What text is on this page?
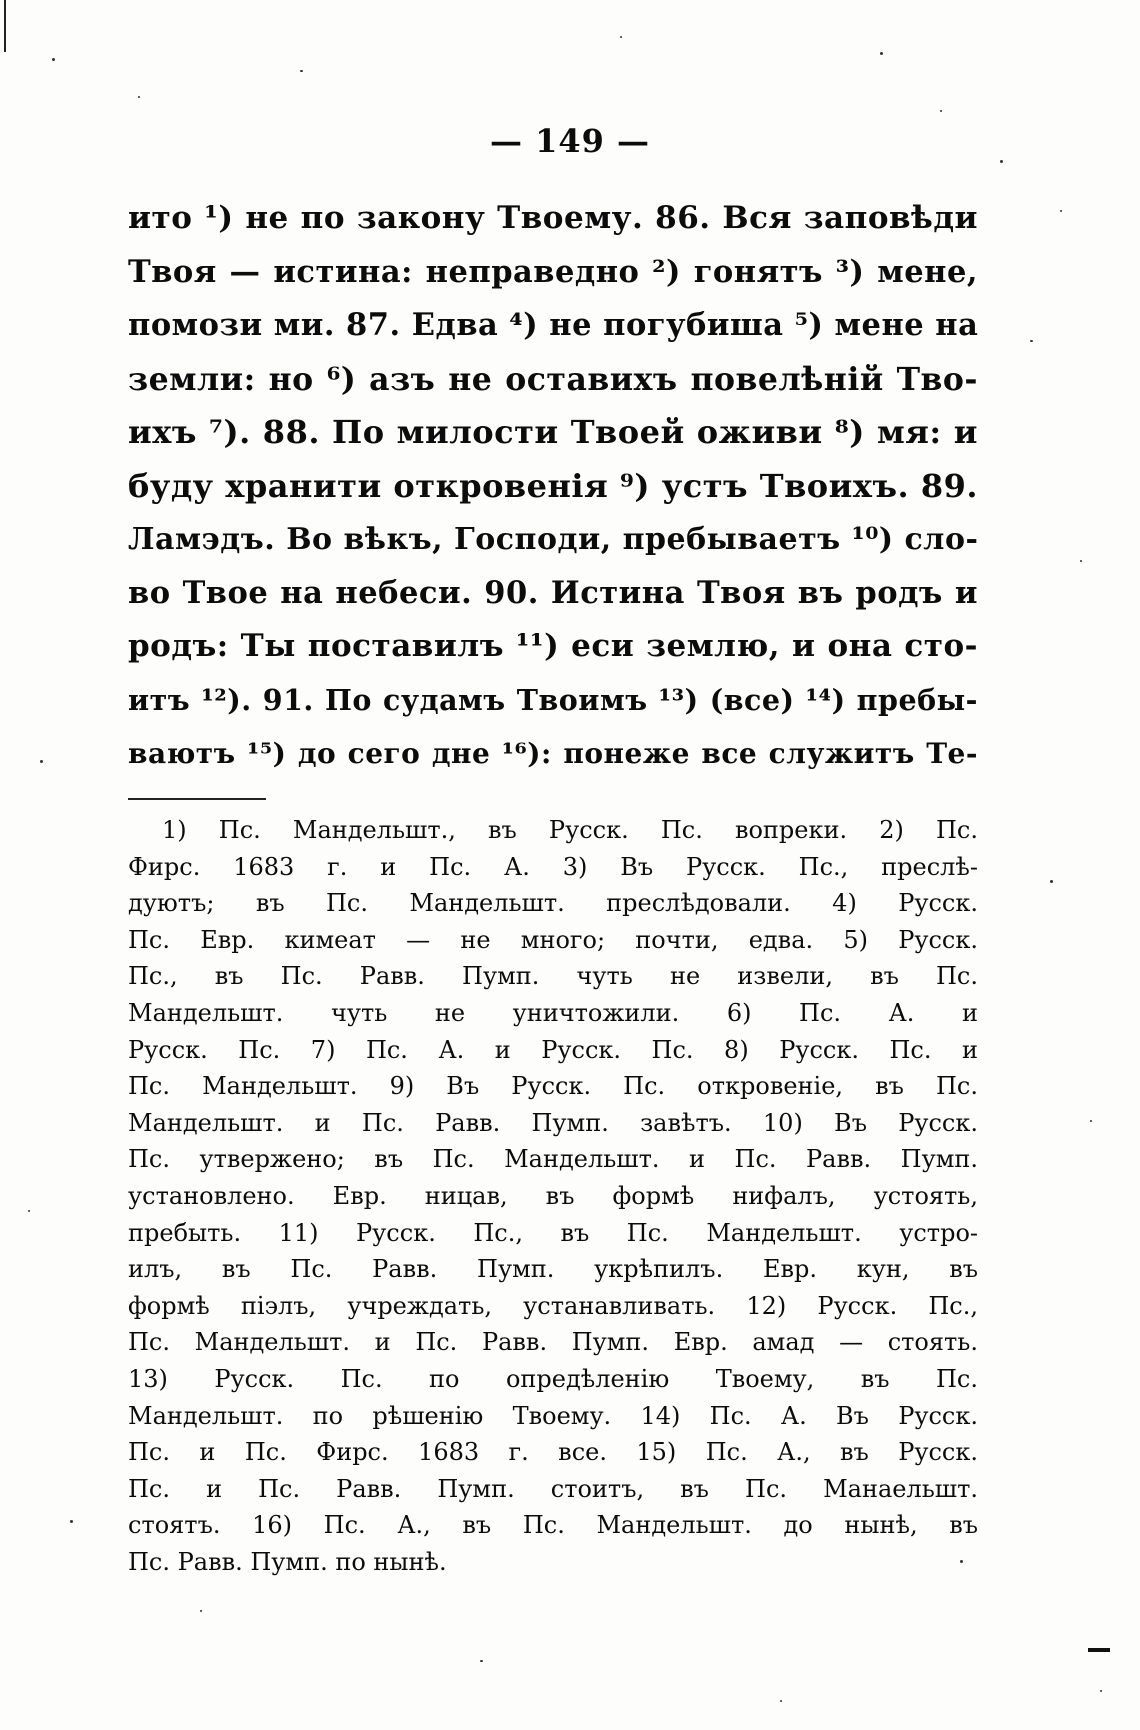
— 149 —
ито ¹) не по закону Твоему. 86. Вся заповѣди
Твоя — истина: неправедно ²) гонятъ ³) мене,
помози ми. 87. Едва ⁴) не погубиша ⁵) мене на
земли: но ⁶) азъ не оставихъ повелѣній Тво-
ихъ ⁷). 88. По милости Твоей оживи ⁸) мя: и
буду хранити откровенія ⁹) устъ Твоихъ. 89.
Ламэдъ. Во вѣкъ, Господи, пребываетъ ¹⁰) сло-
во Твое на небеси. 90. Истина Твоя въ родъ и
родъ: Ты поставилъ ¹¹) еси землю, и она сто-
итъ ¹²). 91. По судамъ Твоимъ ¹³) (все) ¹⁴) пребы-
ваютъ ¹⁵) до сего дне ¹⁶): понеже все служитъ Те-
1) Пс. Мандельшт., въ Русск. Пс. вопреки. 2) Пс.
Фирс. 1683 г. и Пс. А. 3) Въ Русск. Пс., преслѣ-
дуютъ; въ Пс. Мандельшт. преслѣдовали. 4) Русск.
Пс. Евр. кимеат — не много; почти, едва. 5) Русск.
Пс., въ Пс. Равв. Пумп. чуть не извели, въ Пс.
Мандельшт. чуть не уничтожили. 6) Пс. А. и
Русск. Пс. 7) Пс. А. и Русск. Пс. 8) Русск. Пс. и
Пс. Мандельшт. 9) Въ Русск. Пс. откровеніе, въ Пс.
Мандельшт. и Пс. Равв. Пумп. завѣтъ. 10) Въ Русск.
Пс. утвержено; въ Пс. Мандельшт. и Пс. Равв. Пумп.
установлено. Евр. ницав, въ формѣ нифалъ, устоять,
пребыть. 11) Русск. Пс., въ Пс. Мандельшт. устро-
илъ, въ Пс. Равв. Пумп. укрѣпилъ. Евр. кун, въ
формѣ піэлъ, учреждать, устанавливать. 12) Русск. Пс.,
Пс. Мандельшт. и Пс. Равв. Пумп. Евр. амад — стоять.
13) Русск. Пс. по опредѣленію Твоему, въ Пс.
Мандельшт. по рѣшенію Твоему. 14) Пс. А. Въ Русск.
Пс. и Пс. Фирс. 1683 г. все. 15) Пс. А., въ Русск.
Пс. и Пс. Равв. Пумп. стоитъ, въ Пс. Манаельшт.
стоятъ. 16) Пс. А., въ Пс. Мандельшт. до нынѣ, въ
Пс. Равв. Пумп. по нынѣ.
